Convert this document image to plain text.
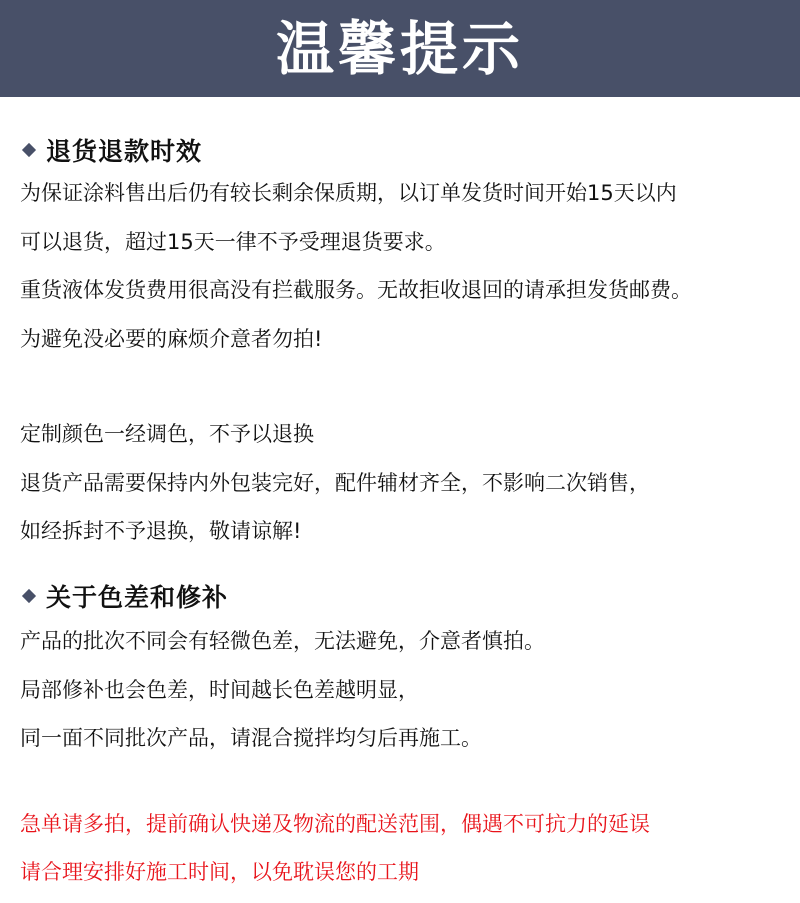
温馨提示
退货退款时效
为保证涂料售出后仍有较长剩余保质期，以订单发货时间开始15天以内
可以退货，超过15天一律不予受理退货要求。
重货液体发货费用很高没有拦截服务。无故拒收退回的请承担发货邮费。
为避免没必要的麻烦介意者勿拍!
定制颜色一经调色，不予以退换
退货产品需要保持内外包装完好，配件辅材齐全，不影响二次销售，
如经拆封不予退换，敬请谅解!
关于色差和修补
产品的批次不同会有轻微色差，无法避免，介意者慎拍。
局部修补也会色差，时间越长色差越明显，
同一面不同批次产品，请混合搅拌均匀后再施工。
急单请多拍，提前确认快递及物流的配送范围，偶遇不可抗力的延误
请合理安排好施工时间，以免耽误您的工期
